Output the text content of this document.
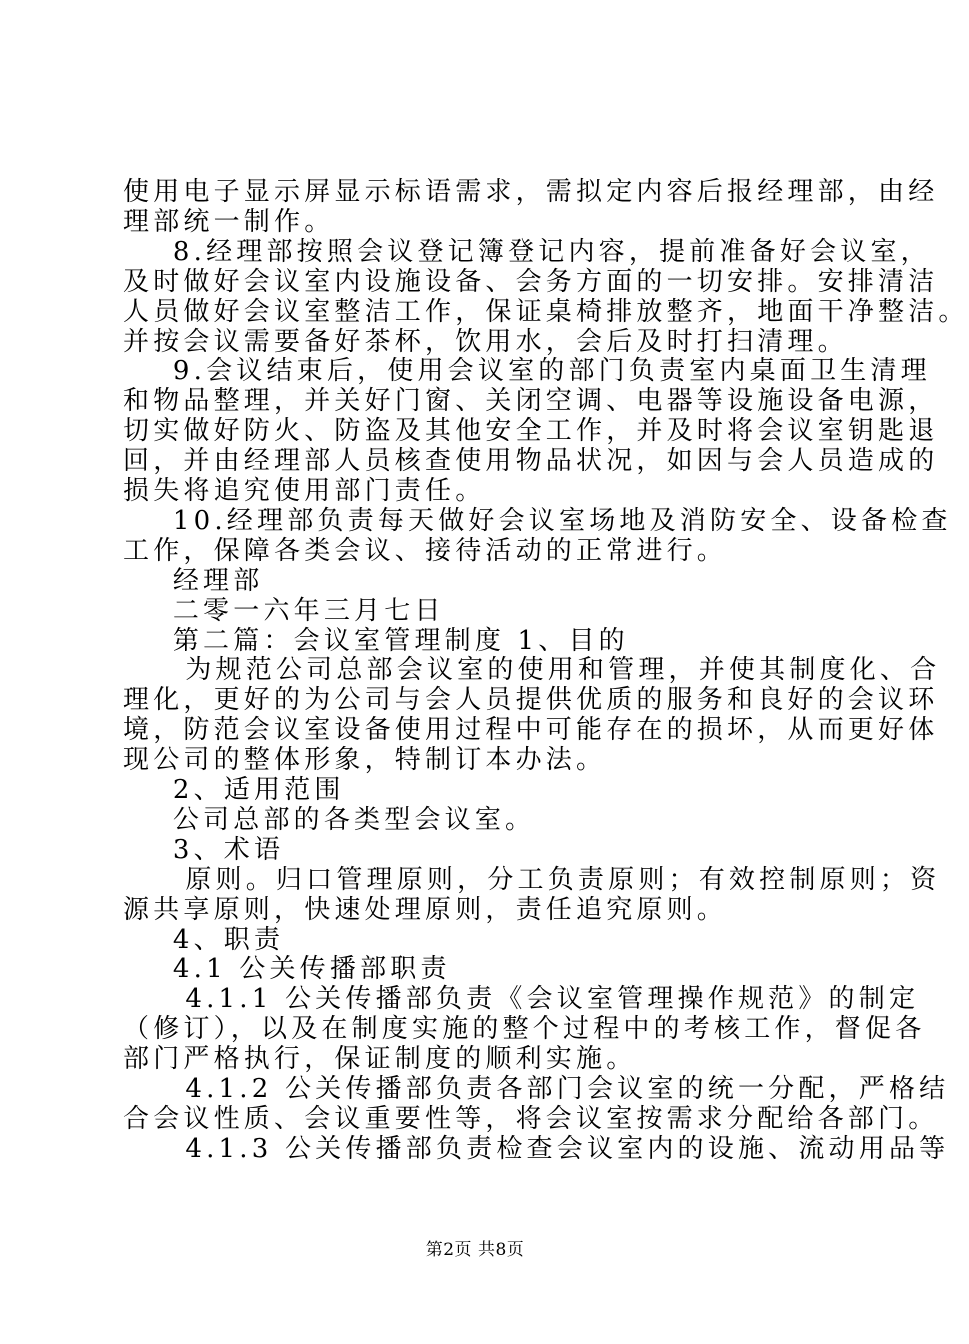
使用电子显示屏显示标语需求，需拟定内容后报经理部，由经
理部统一制作。
8.经理部按照会议登记簿登记内容，提前准备好会议室，
及时做好会议室内设施设备、会务方面的一切安排。安排清洁
人员做好会议室整洁工作，保证桌椅排放整齐，地面干净整洁。
并按会议需要备好茶杯，饮用水，会后及时打扫清理。
9.会议结束后，使用会议室的部门负责室内桌面卫生清理
和物品整理，并关好门窗、关闭空调、电器等设施设备电源，
切实做好防火、防盗及其他安全工作，并及时将会议室钥匙退
回，并由经理部人员核查使用物品状况，如因与会人员造成的
损失将追究使用部门责任。
10.经理部负责每天做好会议室场地及消防安全、设备检查
工作，保障各类会议、接待活动的正常进行。
经理部
二零一六年三月七日
第二篇：会议室管理制度 1、目的
为规范公司总部会议室的使用和管理，并使其制度化、合
理化，更好的为公司与会人员提供优质的服务和良好的会议环
境，防范会议室设备使用过程中可能存在的损坏，从而更好体
现公司的整体形象，特制订本办法。
2、适用范围
公司总部的各类型会议室。
3、术语
原则。归口管理原则，分工负责原则；有效控制原则；资
源共享原则，快速处理原则，责任追究原则。
4、职责
4.1 公关传播部职责
4.1.1 公关传播部负责《会议室管理操作规范》的制定
（修订），以及在制度实施的整个过程中的考核工作，督促各
部门严格执行，保证制度的顺利实施。
4.1.2 公关传播部负责各部门会议室的统一分配，严格结
合会议性质、会议重要性等，将会议室按需求分配给各部门。
4.1.3 公关传播部负责检查会议室内的设施、流动用品等
第2页 共8页
